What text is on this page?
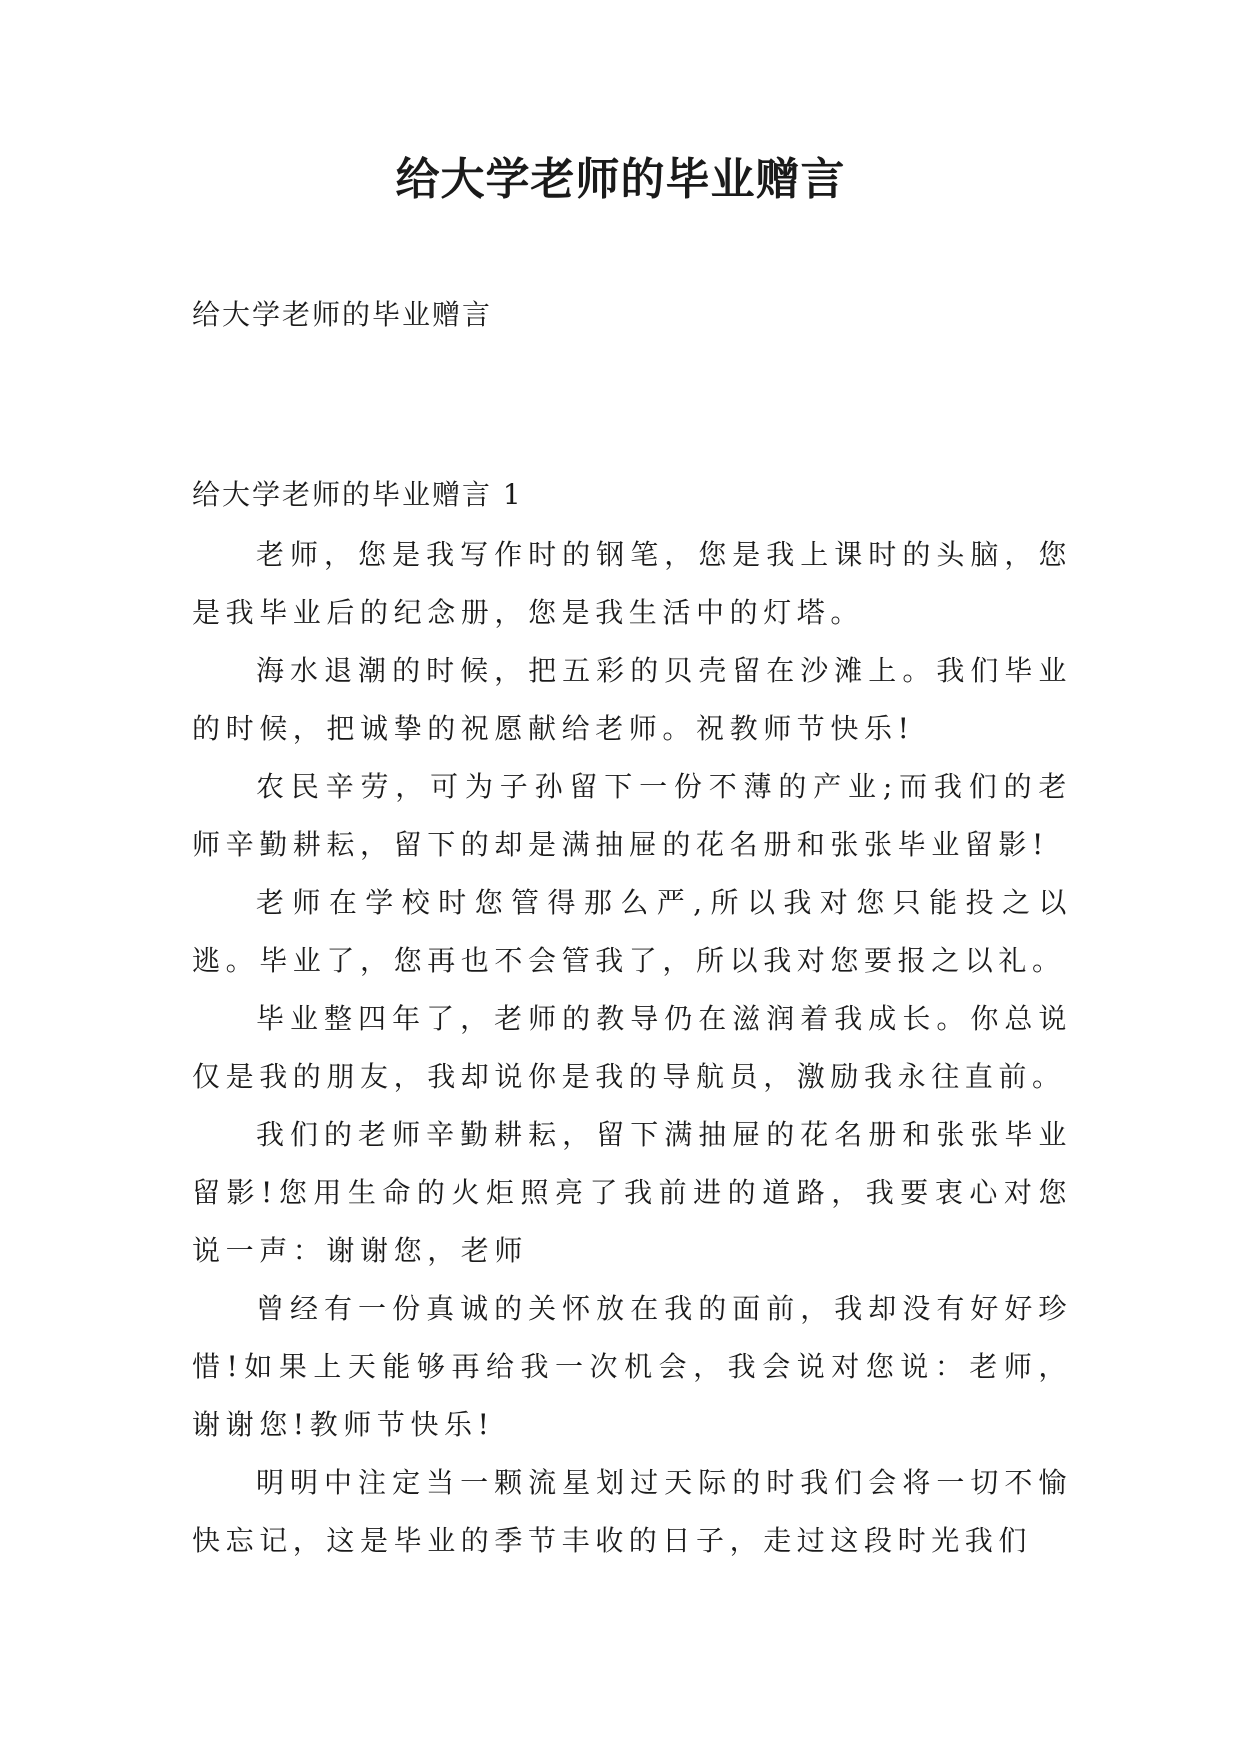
给大学老师的毕业赠言

给大学老师的毕业赠言

给大学老师的毕业赠言 1

老师，您是我写作时的钢笔，您是我上课时的头脑，您是我毕业后的纪念册，您是我生活中的灯塔。

海水退潮的时候，把五彩的贝壳留在沙滩上。我们毕业的时候，把诚挚的祝愿献给老师。祝教师节快乐!

农民辛劳，可为子孙留下一份不薄的产业;而我们的老师辛勤耕耘，留下的却是满抽屉的花名册和张张毕业留影!

老师在学校时您管得那么严,所以我对您只能投之以逃。毕业了，您再也不会管我了，所以我对您要报之以礼。

毕业整四年了，老师的教导仍在滋润着我成长。你总说仅是我的朋友，我却说你是我的导航员，激励我永往直前。

我们的老师辛勤耕耘，留下满抽屉的花名册和张张毕业留影!您用生命的火炬照亮了我前进的道路，我要衷心对您说一声：谢谢您，老师

曾经有一份真诚的关怀放在我的面前，我却没有好好珍惜!如果上天能够再给我一次机会，我会说对您说：老师，谢谢您!教师节快乐!

明明中注定当一颗流星划过天际的时我们会将一切不愉快忘记，这是毕业的季节丰收的日子，走过这段时光我们
